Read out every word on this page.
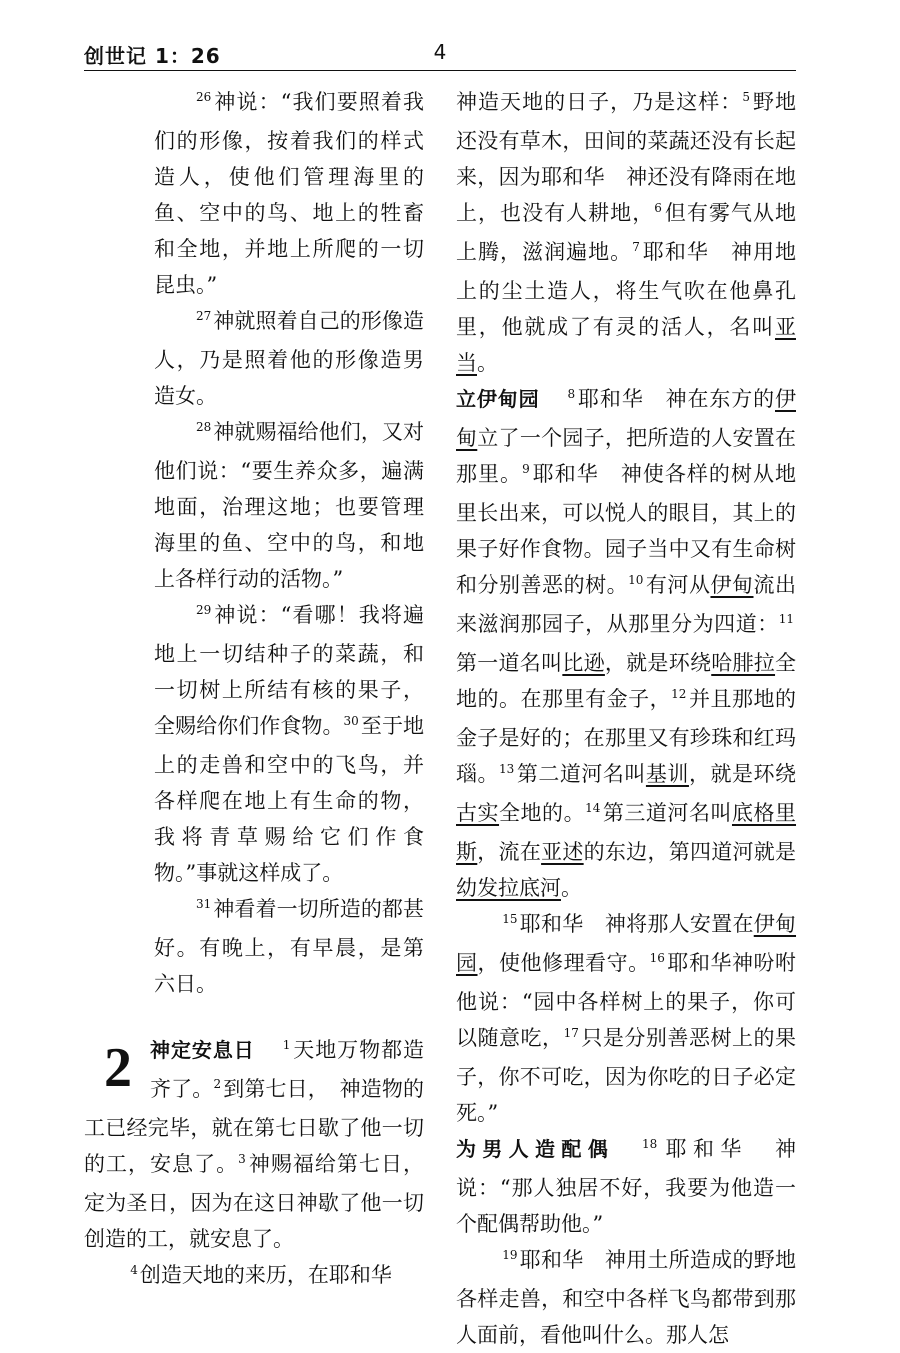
创世记 1：26	4

$^{26}$神说：“我们要照着我们的形像，按着我们的样式造人，使他们管理海里的鱼、空中的鸟、地上的牲畜和全地，并地上所爬的一切昆虫。”

$^{27}$神就照着自己的形像造人，乃是照着他的形像造男造女。

$^{28}$神就赐福给他们，又对他们说：“要生养众多，遍满地面，治理这地；也要管理海里的鱼、空中的鸟，和地上各样行动的活物。”

$^{29}$神说：“看哪！我将遍地上一切结种子的菜蔬，和一切树上所结有核的果子，全赐给你们作食物。$^{30}$至于地上的走兽和空中的飞鸟，并各样爬在地上有生命的物，我将青草赐给它们作食物。”事就这样成了。

$^{31}$神看着一切所造的都甚好。有晚上，有早晨，是第六日。

2 神定安息日 $^1$天地万物都造齐了。$^2$到第七日，　神造物的工已经完毕，就在第七日歇了他一切的工，安息了。$^3$神赐福给第七日，定为圣日，因为在这日神歇了他一切创造的工，就安息了。

$^4$创造天地的来历，在耶和华

神造天地的日子，乃是这样：$^5$野地还没有草木，田间的菜蔬还没有长起来，因为耶和华　神还没有降雨在地上，也没有人耕地，$^6$但有雾气从地上腾，滋润遍地。$^7$耶和华　神用地上的尘土造人，将生气吹在他鼻孔里，他就成了有灵的活人，名叫亚当。

立伊甸园 $^8$耶和华　神在东方的伊甸立了一个园子，把所造的人安置在那里。$^9$耶和华　神使各样的树从地里长出来，可以悦人的眼目，其上的果子好作食物。园子当中又有生命树和分别善恶的树。$^{10}$有河从伊甸流出来滋润那园子，从那里分为四道：$^{11}$第一道名叫比逊，就是环绕哈腓拉全地的。在那里有金子，$^{12}$并且那地的金子是好的；在那里又有珍珠和红玛瑙。$^{13}$第二道河名叫基训，就是环绕古实全地的。$^{14}$第三道河名叫底格里斯，流在亚述的东边，第四道河就是幼发拉底河。

$^{15}$耶和华　神将那人安置在伊甸园，使他修理看守。$^{16}$耶和华神吩咐他说：“园中各样树上的果子，你可以随意吃，$^{17}$只是分别善恶树上的果子，你不可吃，因为你吃的日子必定死。”

为男人造配偶 $^{18}$耶和华　神说：“那人独居不好，我要为他造一个配偶帮助他。”

$^{19}$耶和华　神用土所造成的野地各样走兽，和空中各样飞鸟都带到那人面前，看他叫什么。那人怎
